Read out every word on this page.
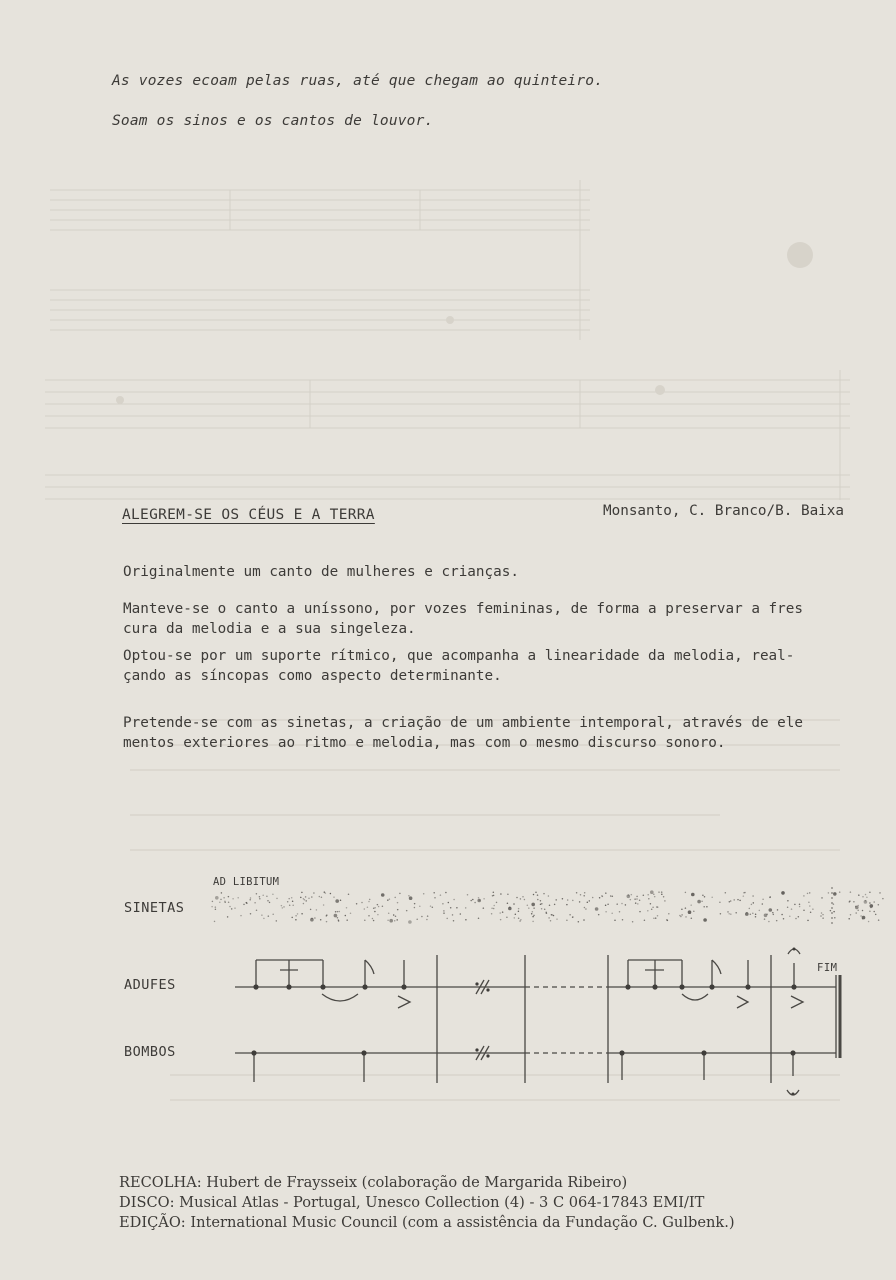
As vozes ecoam pelas ruas, até que chegam ao quinteiro.

Soam os sinos e os cantos de louvor.

ALEGREM-SE OS CÉUS E A TERRA	Monsanto, C. Branco/B. Baixa

Originalmente um canto de mulheres e crianças.

Manteve-se o canto a uníssono, por vozes femininas, de forma a preservar a fres
cura da melodia e a sua singeleza.

Optou-se por um suporte rítmico, que acompanha a linearidade da melodia, real-
çando as síncopas como aspecto determinante.

Pretende-se com as sinetas, a criação de um ambiente intemporal, através de ele
mentos exteriores ao ritmo e melodia, mas com o mesmo discurso sonoro.

AD LIBITUM
SINETAS
ADUFES
BOMBOS
FIM
RECOLHA: Hubert de Fraysseix (colaboração de Margarida Ribeiro)
DISCO: Musical Atlas - Portugal, Unesco Collection (4) - 3 C 064-17843 EMI/IT
EDIÇÃO: International Music Council (com a assistência da Fundação C. Gulbenk.)
